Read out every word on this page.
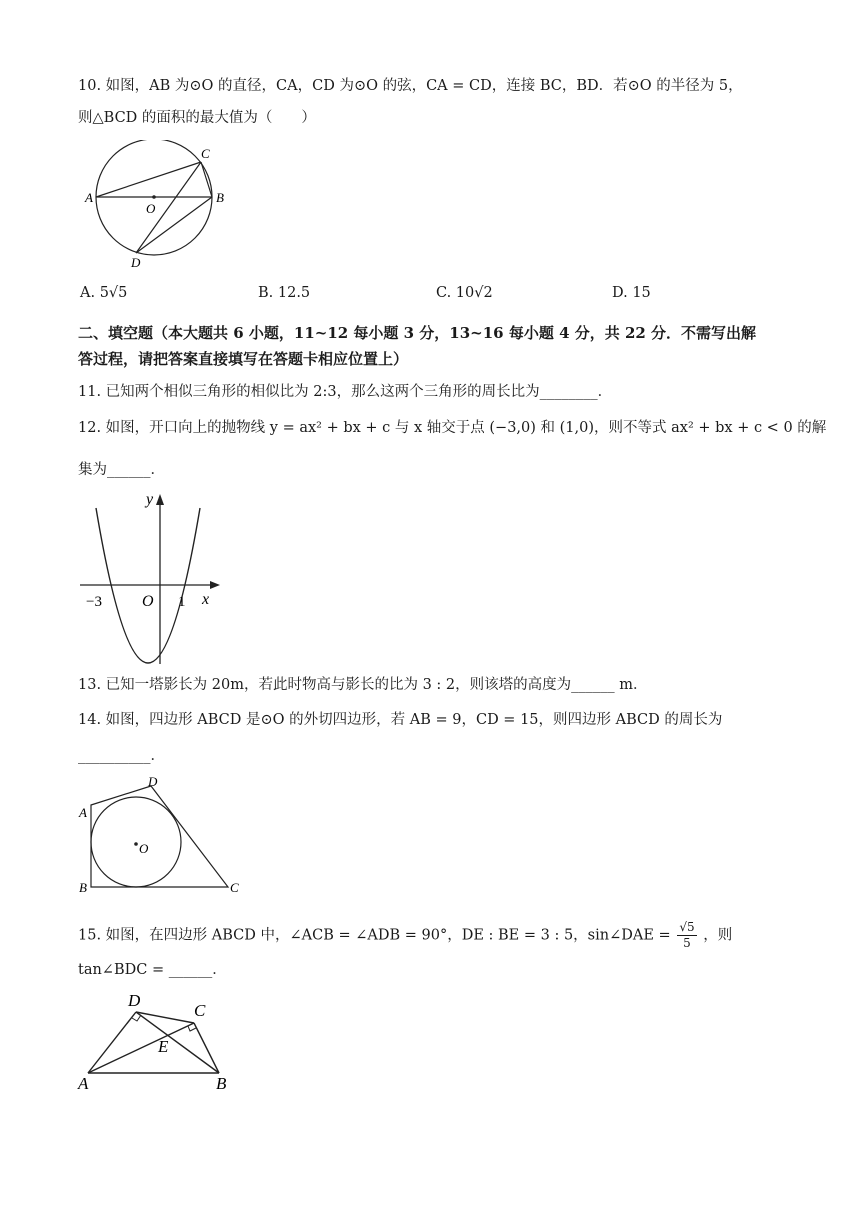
10. 如图，AB 为⊙O 的直径，CA，CD 为⊙O 的弦，CA = CD，连接 BC，BD．若⊙O 的半径为 5，
则△BCD 的面积的最大值为（　　）
A	B
C
D
O
A. 5√5	B. 12.5	C. 10√2	D. 15
二、填空题（本大题共 6 小题，11~12 每小题 3 分，13~16 每小题 4 分，共 22 分．不需写出解
答过程，请把答案直接填写在答题卡相应位置上）
11. 已知两个相似三角形的相似比为 2:3，那么这两个三角形的周长比为________．
12. 如图，开口向上的抛物线 y = ax² + bx + c 与 x 轴交于点 (−3,0) 和 (1,0)，则不等式 ax² + bx + c < 0 的解
集为______．
y
x
O
−3	1
13. 已知一塔影长为 20m，若此时物高与影长的比为 3 : 2，则该塔的高度为______ m．
14. 如图，四边形 ABCD 是⊙O 的外切四边形，若 AB = 9，CD = 15，则四边形 ABCD 的周长为
__________．
A
B	C
D
O
15. 如图，在四边形 ABCD 中，∠ACB = ∠ADB = 90°，DE : BE = 3 : 5，sin∠DAE = $\frac{√5}{5}$ ，则
tan∠BDC = ______．
A	B
C
D
E
